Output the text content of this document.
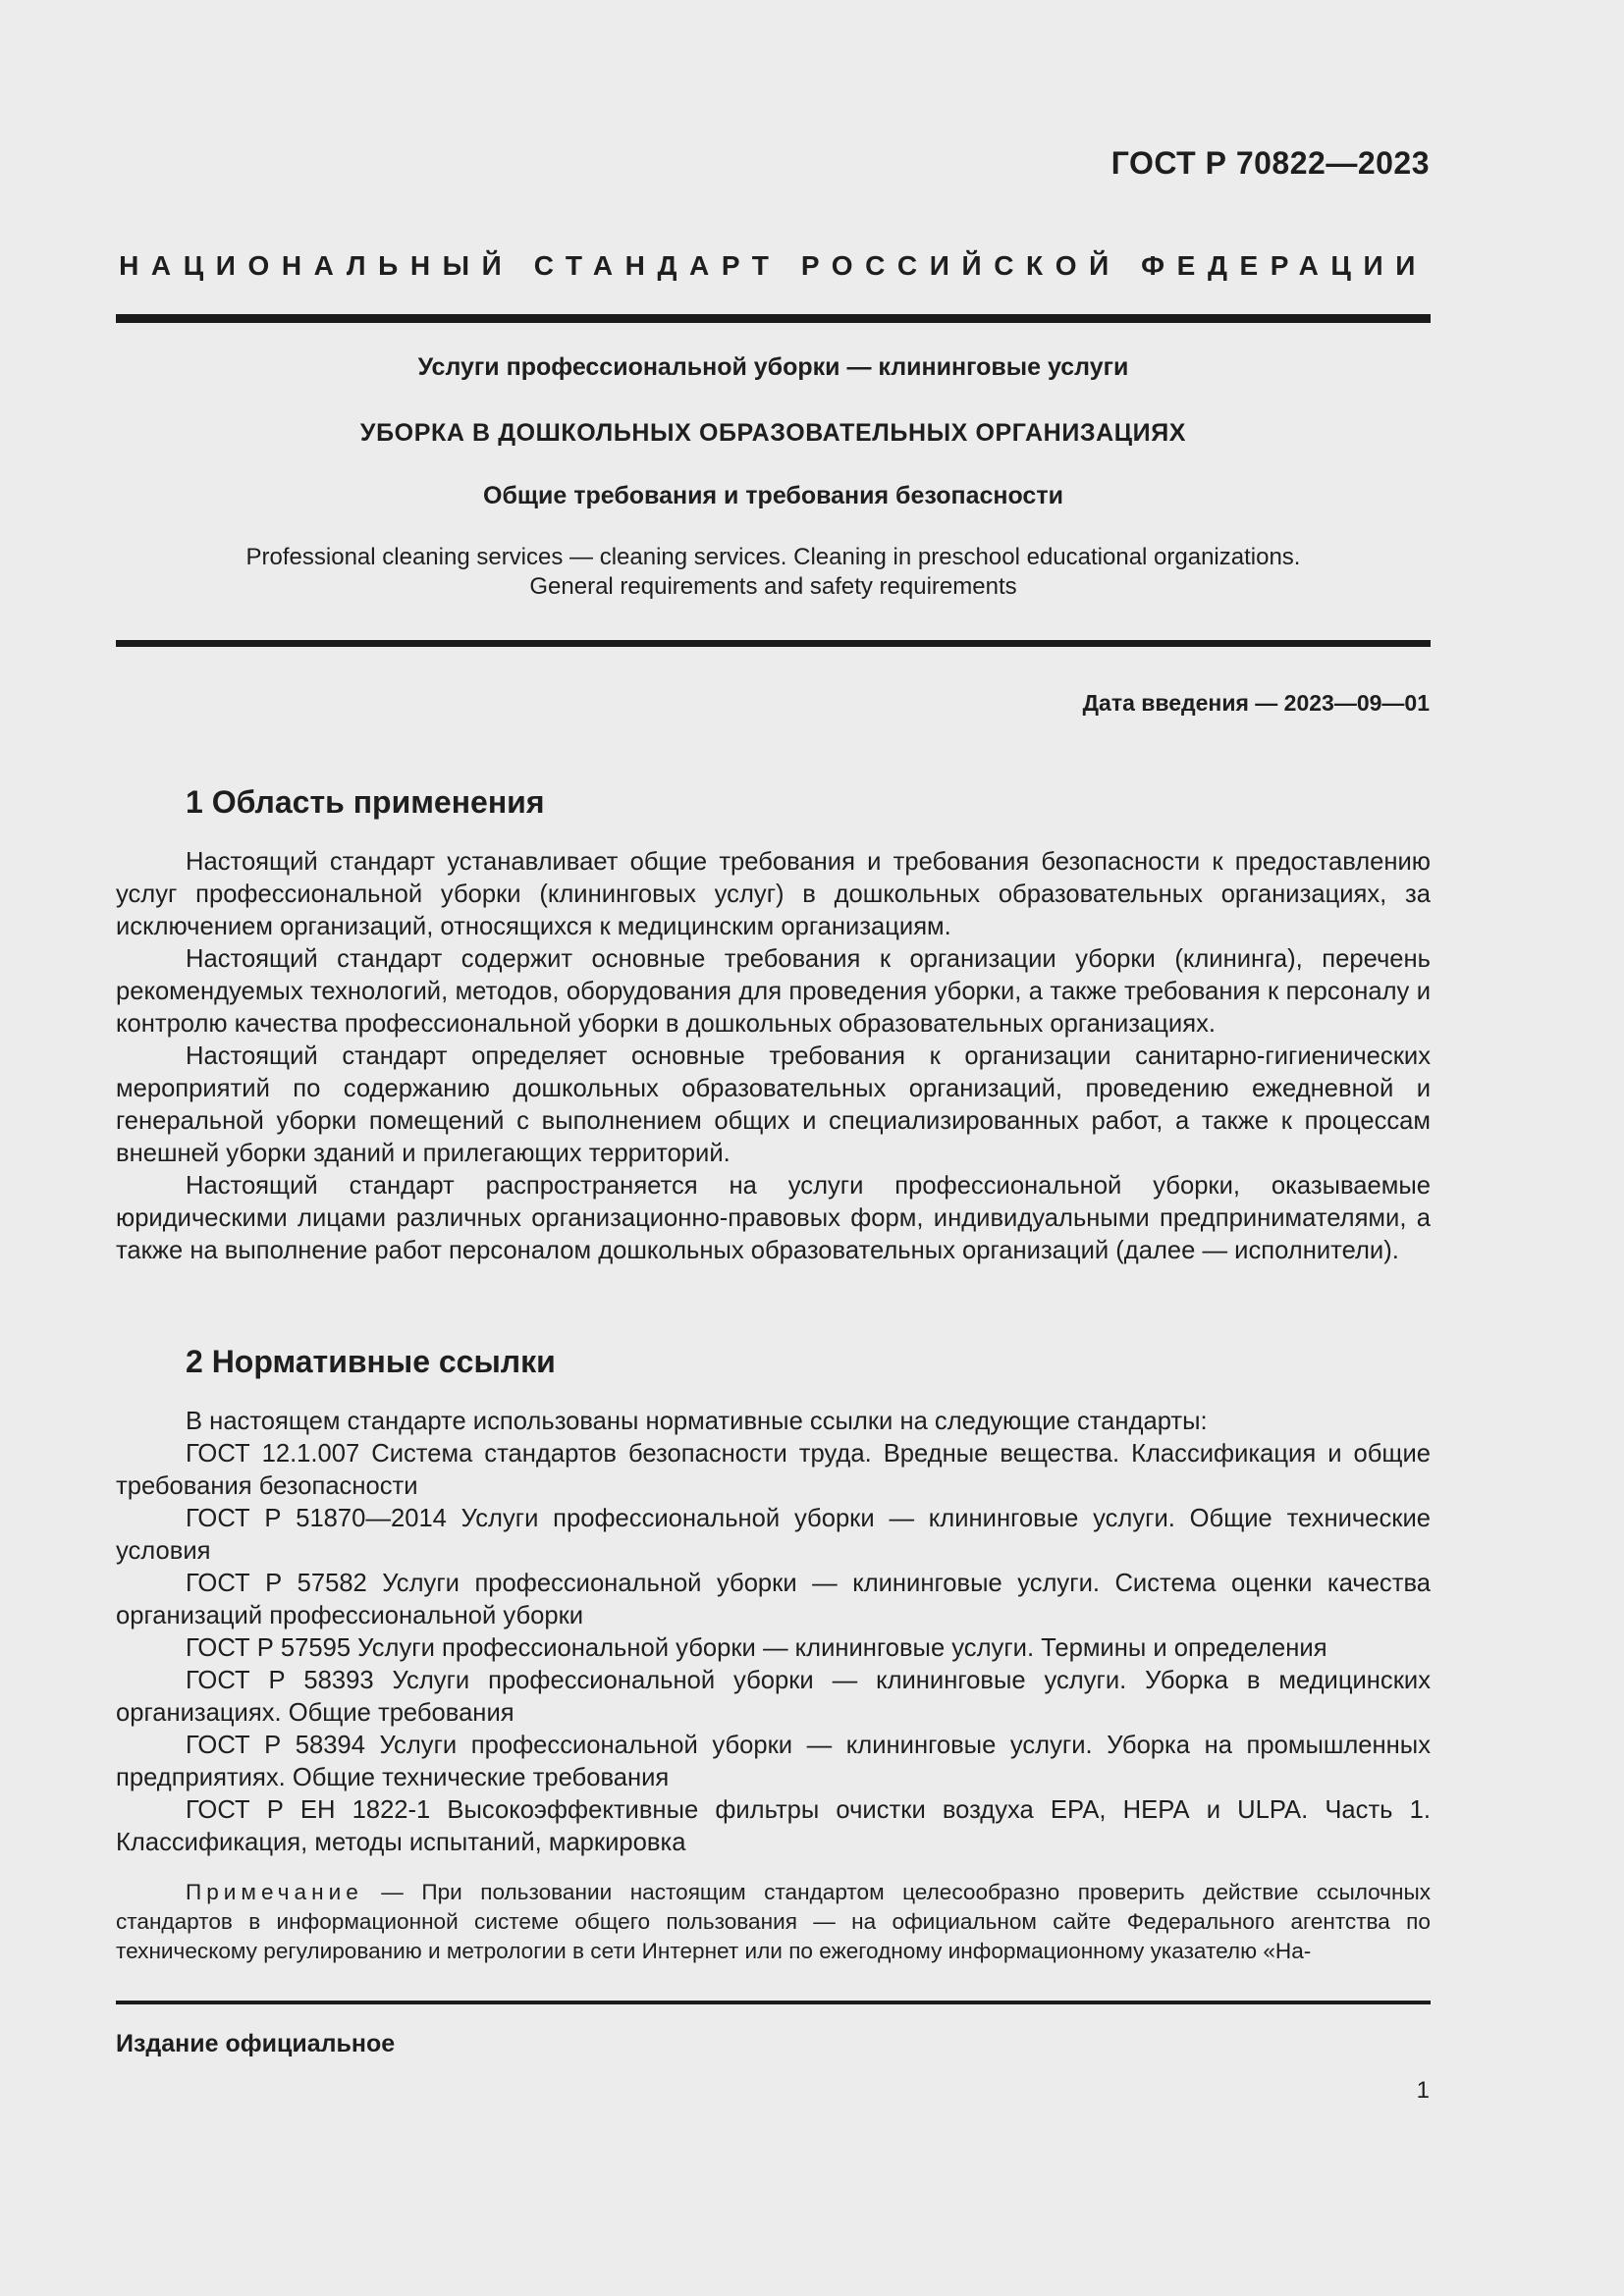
ГОСТ Р 70822—2023
НАЦИОНАЛЬНЫЙ СТАНДАРТ РОССИЙСКОЙ ФЕДЕРАЦИИ
Услуги профессиональной уборки — клининговые услуги
УБОРКА В ДОШКОЛЬНЫХ ОБРАЗОВАТЕЛЬНЫХ ОРГАНИЗАЦИЯХ
Общие требования и требования безопасности
Professional cleaning services — cleaning services. Cleaning in preschool educational organizations.
General requirements and safety requirements
Дата введения — 2023—09—01
1 Область применения

Настоящий стандарт устанавливает общие требования и требования безопасности к предоставлению услуг профессиональной уборки (клининговых услуг) в дошкольных образовательных организациях, за исключением организаций, относящихся к медицинским организациям.

Настоящий стандарт содержит основные требования к организации уборки (клининга), перечень рекомендуемых технологий, методов, оборудования для проведения уборки, а также требования к персоналу и контролю качества профессиональной уборки в дошкольных образовательных организациях.

Настоящий стандарт определяет основные требования к организации санитарно-гигиенических мероприятий по содержанию дошкольных образовательных организаций, проведению ежедневной и генеральной уборки помещений с выполнением общих и специализированных работ, а также к процессам внешней уборки зданий и прилегающих территорий.

Настоящий стандарт распространяется на услуги профессиональной уборки, оказываемые юридическими лицами различных организационно-правовых форм, индивидуальными предпринимателями, а также на выполнение работ персоналом дошкольных образовательных организаций (далее — исполнители).

2 Нормативные ссылки

В настоящем стандарте использованы нормативные ссылки на следующие стандарты:

ГОСТ 12.1.007 Система стандартов безопасности труда. Вредные вещества. Классификация и общие требования безопасности

ГОСТ Р 51870—2014 Услуги профессиональной уборки — клининговые услуги. Общие технические условия

ГОСТ Р 57582 Услуги профессиональной уборки — клининговые услуги. Система оценки качества организаций профессиональной уборки

ГОСТ Р 57595 Услуги профессиональной уборки — клининговые услуги. Термины и определения

ГОСТ Р 58393 Услуги профессиональной уборки — клининговые услуги. Уборка в медицинских организациях. Общие требования

ГОСТ Р 58394 Услуги профессиональной уборки — клининговые услуги. Уборка на промышленных предприятиях. Общие технические требования

ГОСТ Р ЕН 1822-1 Высокоэффективные фильтры очистки воздуха ЕРА, НЕРА и ULPA. Часть 1. Классификация, методы испытаний, маркировка

Примечание — При пользовании настоящим стандартом целесообразно проверить действие ссылочных стандартов в информационной системе общего пользования — на официальном сайте Федерального агентства по техническому регулированию и метрологии в сети Интернет или по ежегодному информационному указателю «На-
Издание официальное
1
